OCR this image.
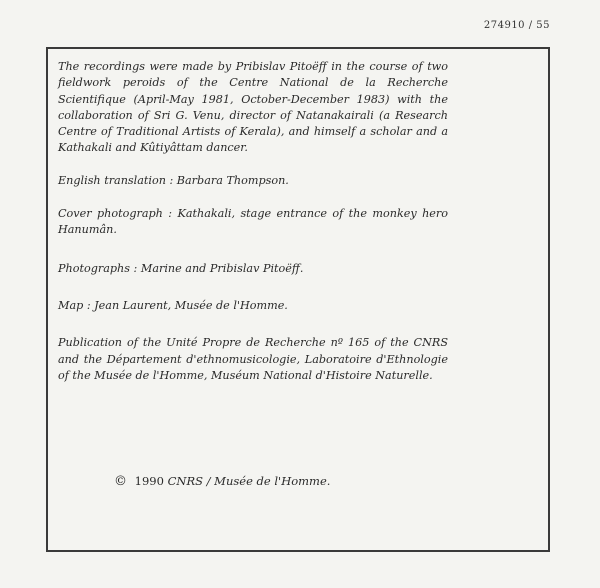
274910 / 55

The recordings were made by Pribislav Pitoëff in the course of two fieldwork peroids of the Centre National de la Recherche Scientifique (April-May 1981, October-December 1983) with the collaboration of Sri G. Venu, director of Natanakairali (a Research Centre of Traditional Artists of Kerala), and himself a scholar and a Kathakali and Kûtiyâttam dancer.

English translation : Barbara Thompson.

Cover photograph : Kathakali, stage entrance of the monkey hero Hanumân.

Photographs : Marine and Pribislav Pitoëff.

Map : Jean Laurent, Musée de l'Homme.

Publication of the Unité Propre de Recherche nº 165 of the CNRS and the Département d'ethnomusicologie, Laboratoire d'Ethnologie of the Musée de l'Homme, Muséum National d'Histoire Naturelle.

© 1990 CNRS / Musée de l'Homme.
